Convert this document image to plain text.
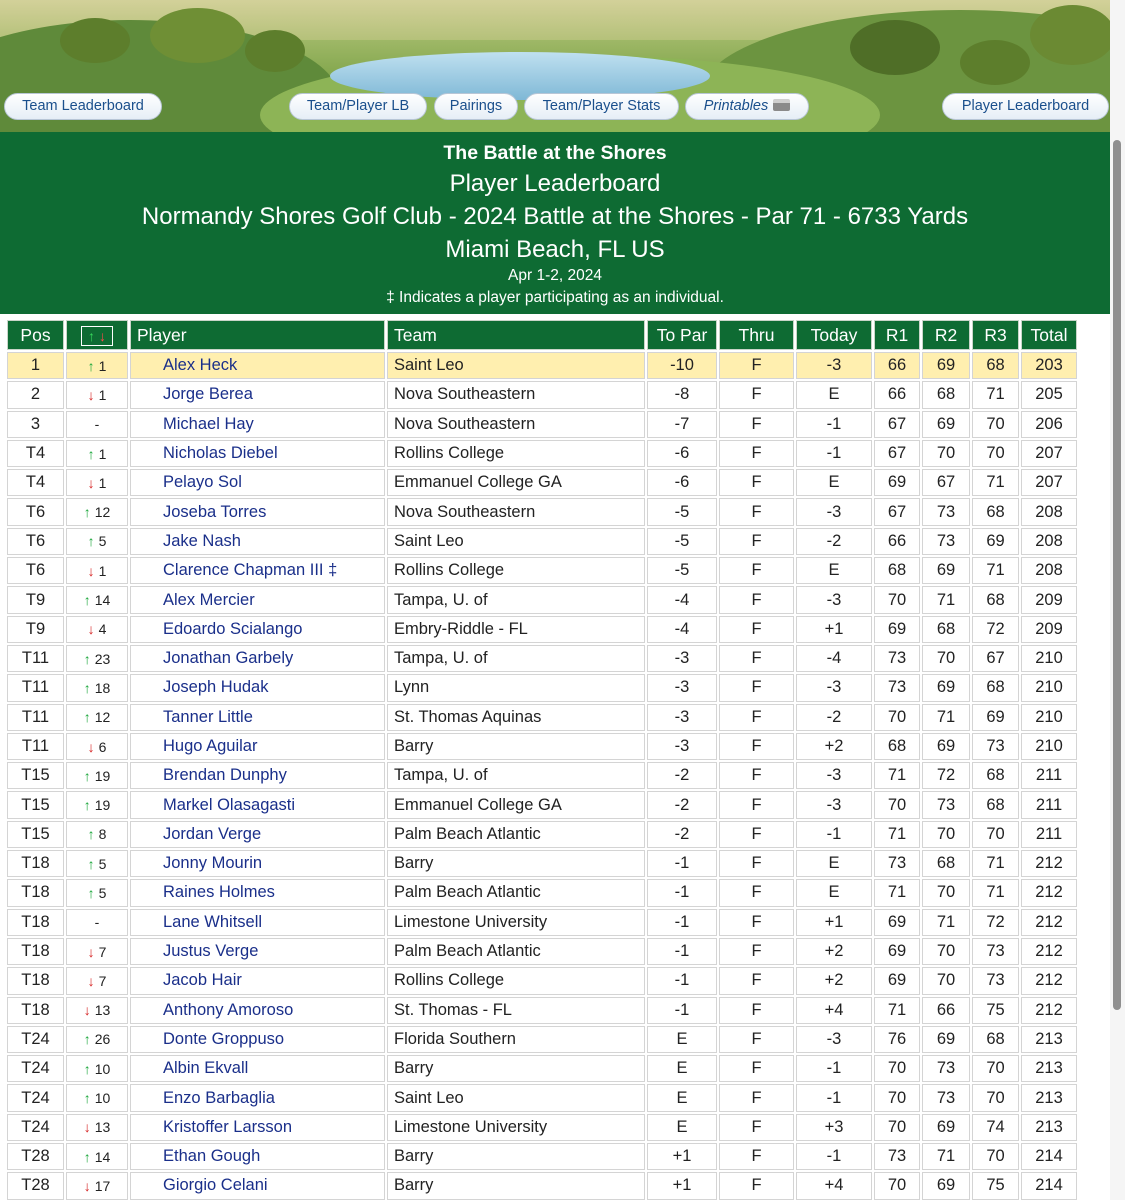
Team Leaderboard	Team/Player LB	Pairings	Team/Player Stats	Printables	Player Leaderboard
The Battle at the Shores
Player Leaderboard
Normandy Shores Golf Club - 2024 Battle at the Shores - Par 71 - 6733 Yards
Miami Beach, FL US
Apr 1-2, 2024
‡ Indicates a player participating as an individual.
Pos	↑ ↓	Player	Team	To Par	Thru	Today	R1	R2	R3	Total
1	↑ 1	Alex Heck	Saint Leo	-10	F	-3	66	69	68	203
2	↓ 1	Jorge Berea	Nova Southeastern	-8	F	E	66	68	71	205
3	-	Michael Hay	Nova Southeastern	-7	F	-1	67	69	70	206
T4	↑ 1	Nicholas Diebel	Rollins College	-6	F	-1	67	70	70	207
T4	↓ 1	Pelayo Sol	Emmanuel College GA	-6	F	E	69	67	71	207
T6	↑ 12	Joseba Torres	Nova Southeastern	-5	F	-3	67	73	68	208
T6	↑ 5	Jake Nash	Saint Leo	-5	F	-2	66	73	69	208
T6	↓ 1	Clarence Chapman III ‡	Rollins College	-5	F	E	68	69	71	208
T9	↑ 14	Alex Mercier	Tampa, U. of	-4	F	-3	70	71	68	209
T9	↓ 4	Edoardo Scialango	Embry-Riddle - FL	-4	F	+1	69	68	72	209
T11	↑ 23	Jonathan Garbely	Tampa, U. of	-3	F	-4	73	70	67	210
T11	↑ 18	Joseph Hudak	Lynn	-3	F	-3	73	69	68	210
T11	↑ 12	Tanner Little	St. Thomas Aquinas	-3	F	-2	70	71	69	210
T11	↓ 6	Hugo Aguilar	Barry	-3	F	+2	68	69	73	210
T15	↑ 19	Brendan Dunphy	Tampa, U. of	-2	F	-3	71	72	68	211
T15	↑ 19	Markel Olasagasti	Emmanuel College GA	-2	F	-3	70	73	68	211
T15	↑ 8	Jordan Verge	Palm Beach Atlantic	-2	F	-1	71	70	70	211
T18	↑ 5	Jonny Mourin	Barry	-1	F	E	73	68	71	212
T18	↑ 5	Raines Holmes	Palm Beach Atlantic	-1	F	E	71	70	71	212
T18	-	Lane Whitsell	Limestone University	-1	F	+1	69	71	72	212
T18	↓ 7	Justus Verge	Palm Beach Atlantic	-1	F	+2	69	70	73	212
T18	↓ 7	Jacob Hair	Rollins College	-1	F	+2	69	70	73	212
T18	↓ 13	Anthony Amoroso	St. Thomas - FL	-1	F	+4	71	66	75	212
T24	↑ 26	Donte Groppuso	Florida Southern	E	F	-3	76	69	68	213
T24	↑ 10	Albin Ekvall	Barry	E	F	-1	70	73	70	213
T24	↑ 10	Enzo Barbaglia	Saint Leo	E	F	-1	70	73	70	213
T24	↓ 13	Kristoffer Larsson	Limestone University	E	F	+3	70	69	74	213
T28	↑ 14	Ethan Gough	Barry	+1	F	-1	73	71	70	214
T28	↓ 17	Giorgio Celani	Barry	+1	F	+4	70	69	75	214
